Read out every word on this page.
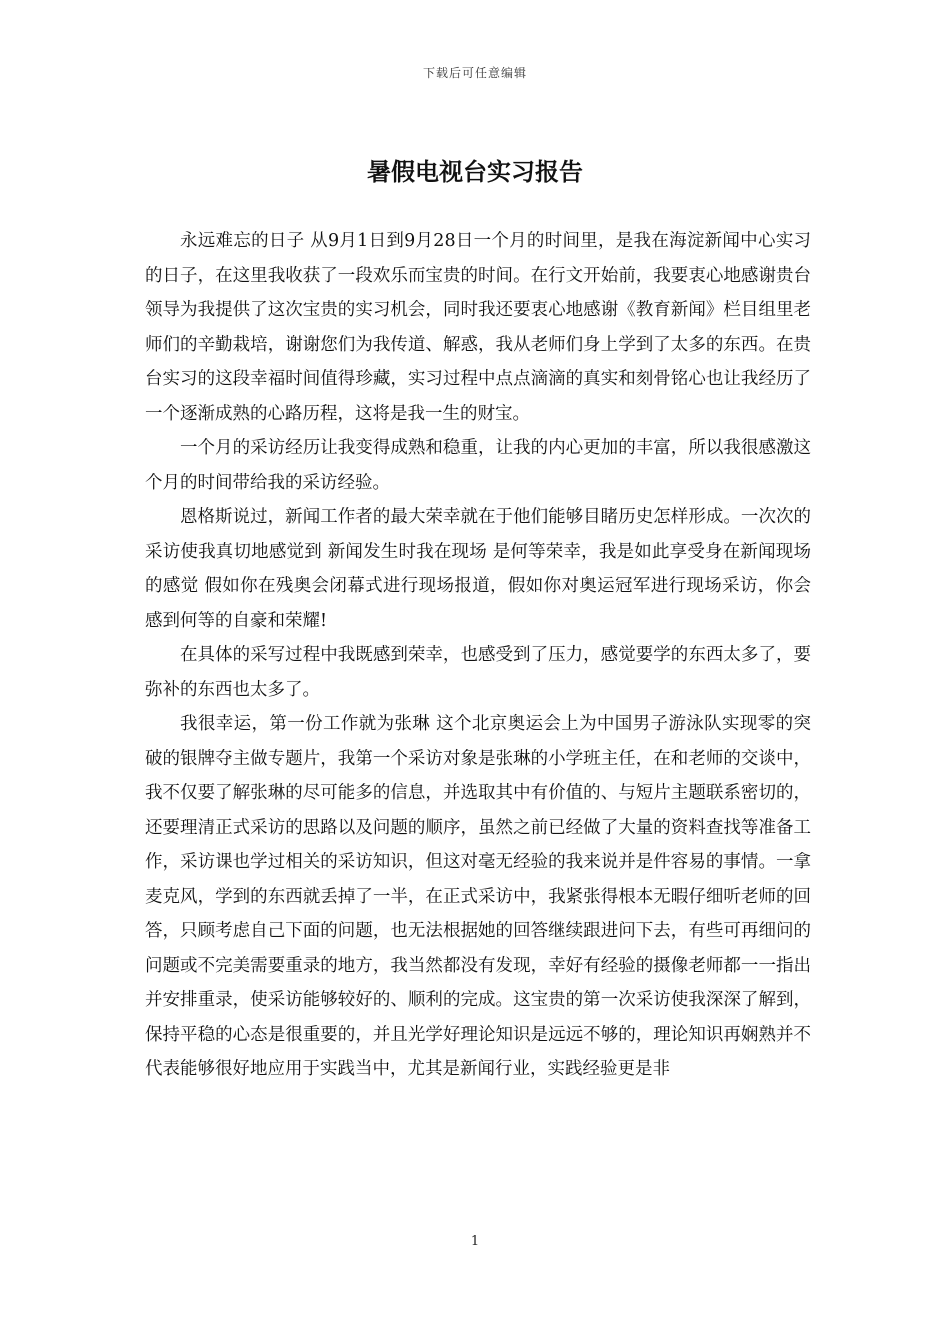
下载后可任意编辑
暑假电视台实习报告

永远难忘的日子 从9月1日到9月28日一个月的时间里，是我在海淀新闻中心实习的日子，在这里我收获了一段欢乐而宝贵的时间。在行文开始前，我要衷心地感谢贵台领导为我提供了这次宝贵的实习机会，同时我还要衷心地感谢《教育新闻》栏目组里老师们的辛勤栽培，谢谢您们为我传道、解惑，我从老师们身上学到了太多的东西。在贵台实习的这段幸福时间值得珍藏，实习过程中点点滴滴的真实和刻骨铭心也让我经历了一个逐渐成熟的心路历程，这将是我一生的财宝。

一个月的采访经历让我变得成熟和稳重，让我的内心更加的丰富，所以我很感激这个月的时间带给我的采访经验。

恩格斯说过，新闻工作者的最大荣幸就在于他们能够目睹历史怎样形成。一次次的采访使我真切地感觉到 新闻发生时我在现场 是何等荣幸，我是如此享受身在新闻现场的感觉 假如你在残奥会闭幕式进行现场报道，假如你对奥运冠军进行现场采访，你会感到何等的自豪和荣耀!

在具体的采写过程中我既感到荣幸，也感受到了压力，感觉要学的东西太多了，要弥补的东西也太多了。

我很幸运，第一份工作就为张琳 这个北京奥运会上为中国男子游泳队实现零的突破的银牌夺主做专题片，我第一个采访对象是张琳的小学班主任，在和老师的交谈中，我不仅要了解张琳的尽可能多的信息，并选取其中有价值的、与短片主题联系密切的，还要理清正式采访的思路以及问题的顺序，虽然之前已经做了大量的资料查找等准备工作，采访课也学过相关的采访知识，但这对毫无经验的我来说并是件容易的事情。一拿麦克风，学到的东西就丢掉了一半，在正式采访中，我紧张得根本无暇仔细听老师的回答，只顾考虑自己下面的问题，也无法根据她的回答继续跟进问下去，有些可再细问的问题或不完美需要重录的地方，我当然都没有发现，幸好有经验的摄像老师都一一指出并安排重录，使采访能够较好的、顺利的完成。这宝贵的第一次采访使我深深了解到，保持平稳的心态是很重要的，并且光学好理论知识是远远不够的，理论知识再娴熟并不代表能够很好地应用于实践当中，尤其是新闻行业，实践经验更是非

1
